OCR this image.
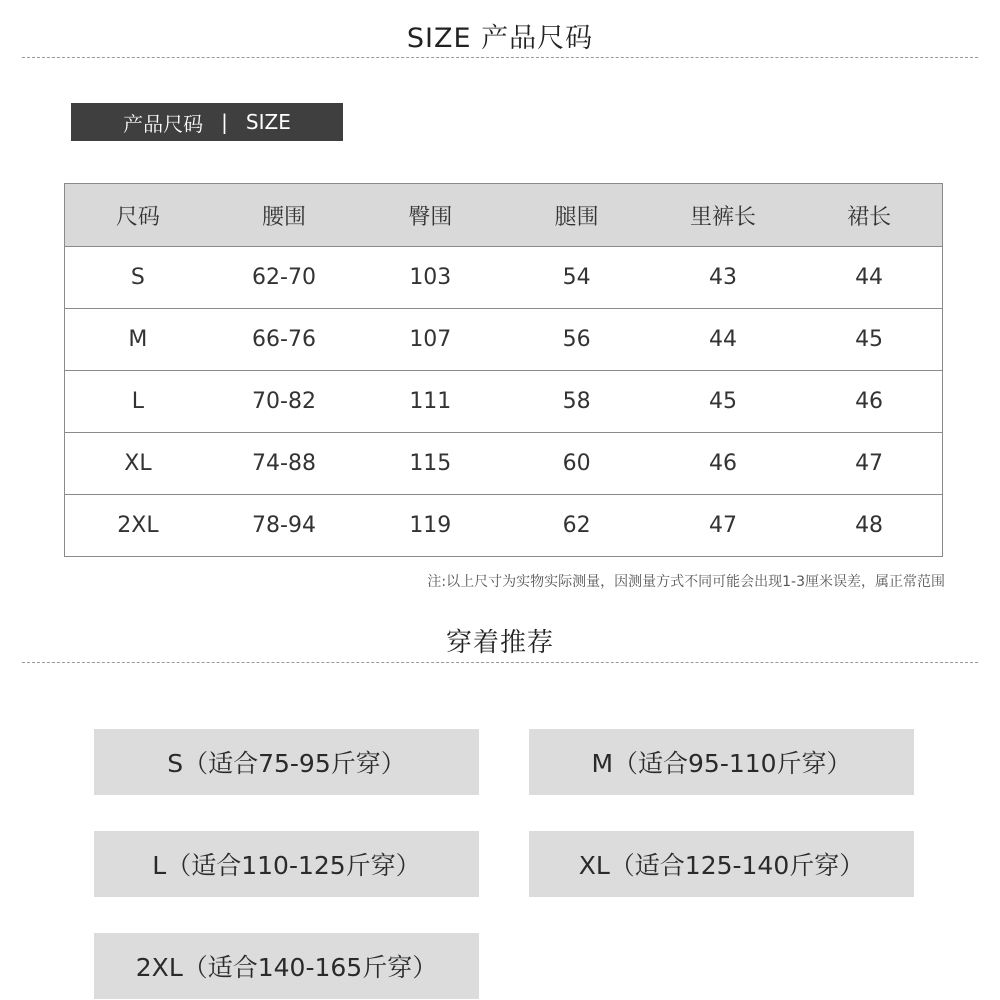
SIZE 产品尺码
产品尺码 | SIZE
尺码	腰围	臀围	腿围	里裤长	裙长
S	62-70	103	54	43	44
M	66-76	107	56	44	45
L	70-82	111	58	45	46
XL	74-88	115	60	46	47
2XL	78-94	119	62	47	48
注:以上尺寸为实物实际测量，因测量方式不同可能会出现1-3厘米误差，属正常范围
穿着推荐
S（适合75-95斤穿）	M（适合95-110斤穿）
L（适合110-125斤穿）	XL（适合125-140斤穿）
2XL（适合140-165斤穿）
